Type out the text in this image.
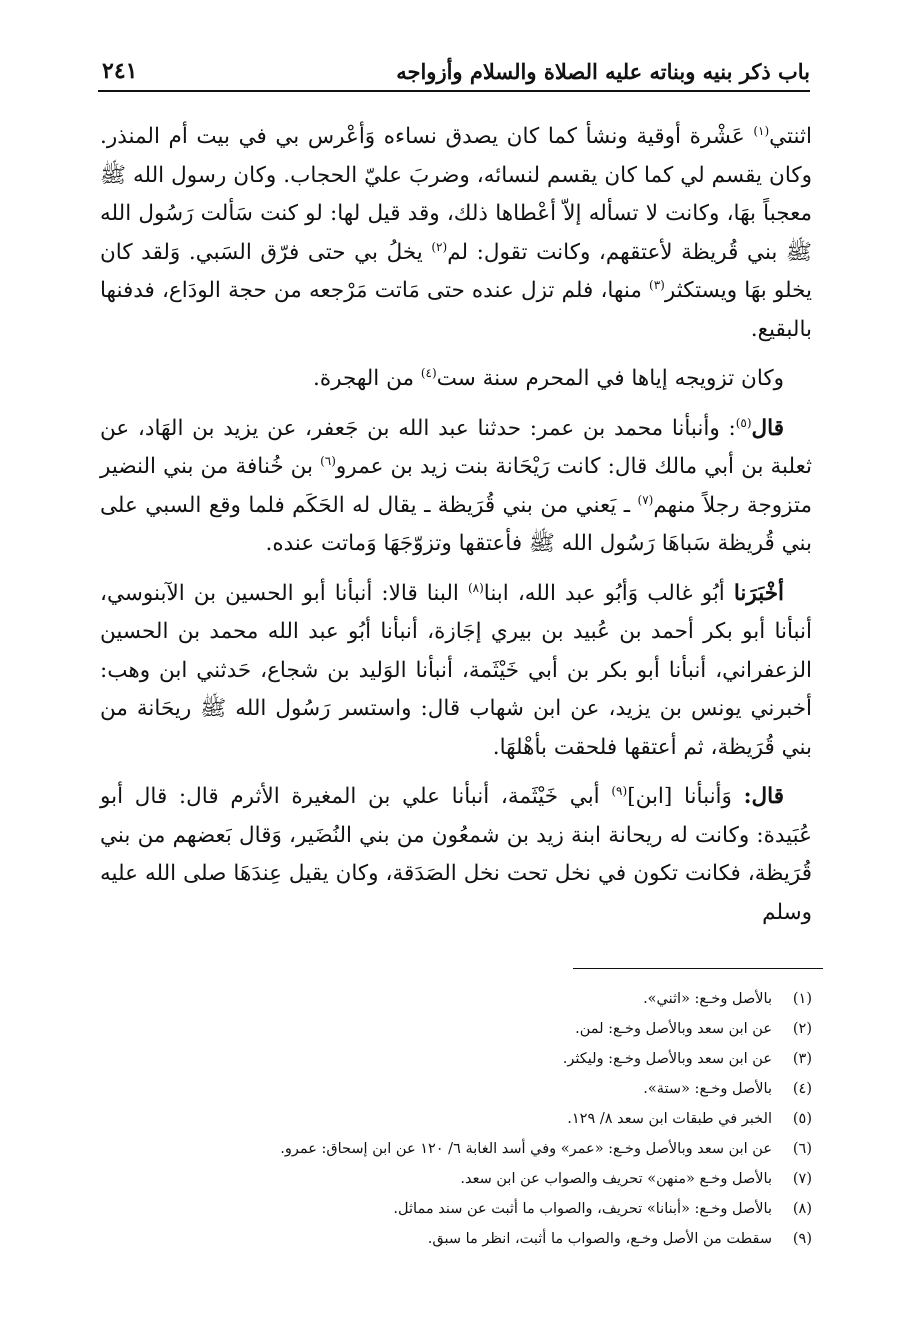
باب ذكر بنيه وبناته عليه الصلاة والسلام وأزواجه
٢٤١

اثنتي$^{(١)}$ عَشْرة أوقية ونشأ كما كان يصدق نساءه وَأعْرس بي في بيت أم المنذر. وكان يقسم لي كما كان يقسم لنسائه، وضربَ عليّ الحجاب. وكان رسول الله ﷺ معجباً بهَا، وكانت لا تسأله إلاّ أعْطاها ذلك، وقد قيل لها: لو كنت سَألت رَسُول الله ﷺ بني قُريظة لأعتقهم، وكانت تقول: لم$^{(٢)}$ يخلُ بي حتى فرّق السَبي. وَلقد كان يخلو بهَا ويستكثر$^{(٣)}$ منها، فلم تزل عنده حتى مَاتت مَرْجعه من حجة الودَاع، فدفنها بالبقيع.

وكان تزويجه إياها في المحرم سنة ست$^{(٤)}$ من الهجرة.

قال$^{(٥)}$: وأنبأنا محمد بن عمر: حدثنا عبد الله بن جَعفر، عن يزيد بن الهَاد، عن ثعلبة بن أبي مالك قال: كانت رَيْحَانة بنت زيد بن عمرو$^{(٦)}$ بن خُنافة من بني النضير متزوجة رجلاً منهم$^{(٧)}$ ـ يَعني من بني قُرَيظة ـ يقال له الحَكَم فلما وقع السبي على بني قُريظة سَباهَا رَسُول الله ﷺ فأعتقها وتزوّجَهَا وَماتت عنده.

أخْبَرَنا أبُو غالب وَأبُو عبد الله، ابنا$^{(٨)}$ البنا قالا: أنبأنا أبو الحسين بن الآبنوسي، أنبأنا أبو بكر أحمد بن عُبيد بن بيري إجَازة، أنبأنا أبُو عبد الله محمد بن الحسين الزعفراني، أنبأنا أبو بكر بن أبي خَيْثَمة، أنبأنا الوَليد بن شجاع، حَدثني ابن وهب: أخبرني يونس بن يزيد، عن ابن شهاب قال: واستسر رَسُول الله ﷺ ريحَانة من بني قُرَيظة، ثم أعتقها فلحقت بأهْلهَا.

قال: وَأنبأنا [ابن]$^{(٩)}$ أبي خَيْثَمة، أنبأنا علي بن المغيرة الأثرم قال: قال أبو عُبَيدة: وكانت له ريحانة ابنة زيد بن شمعُون من بني النُضَير، وَقال بَعضهم من بني قُرَيظة، فكانت تكون في نخل تحت نخل الصَدَقة، وكان يقيل عِندَهَا صلى الله عليه وسلم

(١)
بالأصل وخـع: «اثني».
(٢)
عن ابن سعد وبالأصل وخـع: لمن.
(٣)
عن ابن سعد وبالأصل وخـع: وليكثر.
(٤)
بالأصل وخـع: «ستة».
(٥)
الخبر في طبقات ابن سعد ٨/ ١٢٩.
(٦)
عن ابن سعد وبالأصل وخـع: «عمر» وفي أسد الغابة ٦/ ١٢٠ عن ابن إسحاق: عمرو.
(٧)
بالأصل وخـع «منهن» تحريف والصواب عن ابن سعد.
(٨)
بالأصل وخـع: «أبنانا» تحريف، والصواب ما أثبت عن سند مماثل.
(٩)
سقطت من الأصل وخـع، والصواب ما أثبت، انظر ما سبق.
